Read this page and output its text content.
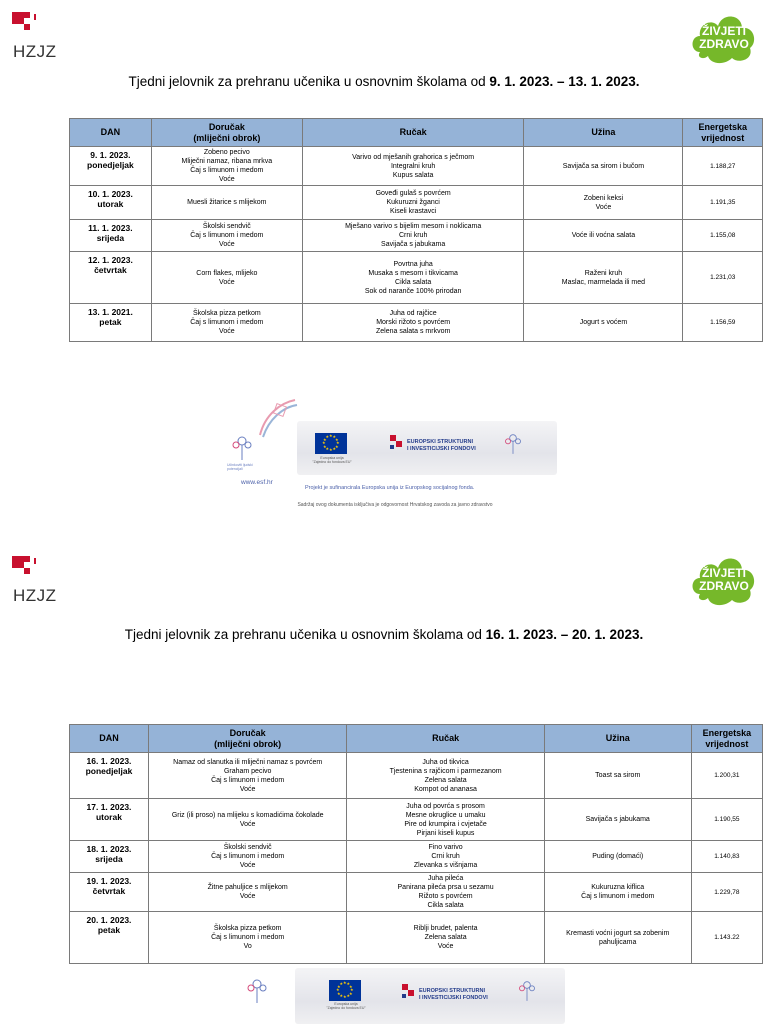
HZJZ
ŽIVJETI
ZDRAVO
Tjedni jelovnik za prehranu učenika u osnovnim školama od 9. 1. 2023. – 13. 1. 2023.
DAN	Doručak
(mliječni obrok)	Ručak	Užina	Energetska
vrijednost

9. 1. 2023.
ponedjeljak	Zobeno pecivo
Mliječni namaz, ribana mrkva
Čaj s limunom i medom
Voće	Varivo od mješanih grahorica s ječmom
Integralni kruh
Kupus salata	Savijača sa sirom i bučom	1.188,27

10. 1. 2023.
utorak	Muesli žitarice s mlijekom	Goveđi gulaš s povrćem
Kukuruzni žganci
Kiseli krastavci	Zobeni keksi
Voće	1.191,35

11. 1. 2023.
srijeda	Školski sendvič
Čaj s limunom i medom
Voće	Mješano varivo s bijelim mesom i noklicama
Crni kruh
Savijača s jabukama	Voće ili voćna salata	1.155,08

12. 1. 2023.
četvrtak	Corn flakes, mlijeko
Voće	Povrtna juha
Musaka s mesom i tikvicama
Cikla salata
Sok od naranče 100% prirodan	Raženi kruh
Maslac, marmelada ili med	1.231,03

13. 1. 2021.
petak	Školska pizza petkom
Čaj s limunom i medom
Voće	Juha od rajčice
Morski rižoto s povrćem
Zelena salata s mrkvom	Jogurt s voćem	1.156,59
Učinkoviti ljudski potencijali
www.esf.hr
★
★
★
★
★
★
★
★
★ ★ ★
★
Europska unija
"Zajedno do fondova EU"
EUROPSKI STRUKTURNI
I INVESTICIJSKI FONDOVI
Projekt je sufinancirala Europska unija iz Europskog socijalnog fonda.
Sadržaj ovog dokumenta isključiva je odgovornost Hrvatskog zavoda za javno zdravstvo
HZJZ
ŽIVJETI
ZDRAVO
Tjedni jelovnik za prehranu učenika u osnovnim školama od 16. 1. 2023. – 20. 1. 2023.
DAN	Doručak
(mliječni obrok)	Ručak	Užina	Energetska
vrijednost

16. 1. 2023.
ponedjeljak	Namaz od slanutka ili mliječni namaz s povrćem
Graham pecivo
Čaj s limunom i medom
Voće	Juha od tikvica
Tjestenina s rajčicom i parmezanom
Zelena salata
Kompot od ananasa	Toast sa sirom	1.200,31

17. 1. 2023.
utorak	Griz (ili proso) na mlijeku s komadićima čokolade
Voće	Juha od povrća s prosom
Mesne okruglice u umaku
Pire od krumpira i cvjetače
Pirjani kiseli kupus	Savijača s jabukama	1.190,55

18. 1. 2023.
srijeda	Školski sendvič
Čaj s limunom i medom
Voće	Fino varivo
Crni kruh
Zlevanka s višnjama	Puding (domaći)	1.140,83

19. 1. 2023.
četvrtak	Žitne pahuljice s mlijekom
Voće	Juha pileća
Panirana pileća prsa u sezamu
Rižoto s povrćem
Cikla salata	Kukuruzna kiflica
Čaj s limunom i medom	1.229,78

20. 1. 2023.
petak	Školska pizza petkom
Čaj s limunom i medom
Vo	Riblji brudet, palenta
Zelena salata
Voće	Kremasti voćni jogurt sa zobenim
pahuljicama	1.143.22
★
★
★
★
★
★
★
★
★ ★ ★
★
Europska unija
"Zajedno do fondova EU"
EUROPSKI STRUKTURNI
I INVESTICIJSKI FONDOVI
